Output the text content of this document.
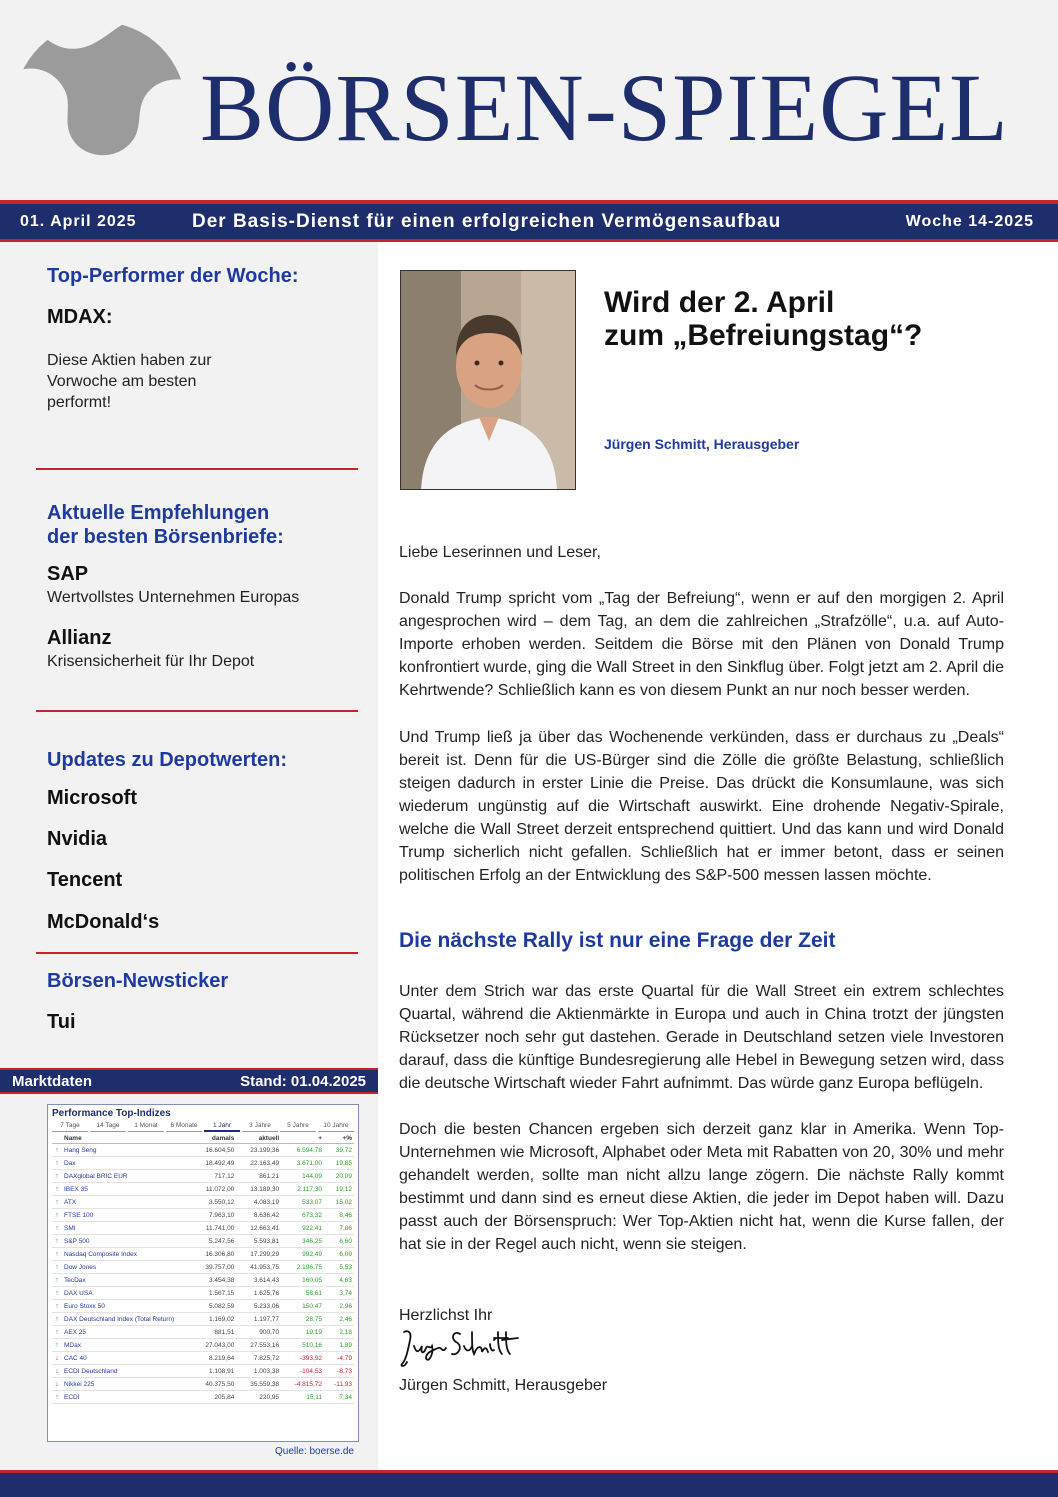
BÖRSEN-SPIEGEL
01. April 2025	Der Basis-Dienst für einen erfolgreichen Vermögensaufbau	Woche 14-2025
Top-Performer der Woche:
MDAX:
Diese Aktien haben zur
Vorwoche am besten
performt!
Aktuelle Empfehlungen
der besten Börsenbriefe:
SAP
Wertvollstes Unternehmen Europas
Allianz
Krisensicherheit für Ihr Depot
Updates zu Depotwerten:
Microsoft
Nvidia
Tencent
McDonald‘s
Börsen-Newsticker
Tui
Marktdaten	Stand: 01.04.2025
Performance Top-Indizes
7 Tage	14 Tage	1 Monat	6 Monate	1 Jahr	3 Jahre	5 Jahre	10 Jahre
	Name	damals	aktuell	+	+%
↑	Hang Seng	16.604,50	23.199,36	6.594,78	39,72
↑	Dax	18.492,49	22.163,49	3.671,00	19,85
↑	DAXglobal BRIC EUR	717,12	861,21	144,09	20,09
↑	IBEX 35	11.072,00	13.189,30	2.117,30	19,12
↑	ATX	3.550,12	4.083,19	533,07	15,02
↑	FTSE 100	7.963,10	8.636,42	673,32	8,46
↑	SMI	11.741,00	12.663,41	922,41	7,86
↑	S&P 500	5.247,56	5.593,81	346,25	6,60
↑	Nasdaq Composite Index	16.306,80	17.299,29	992,49	6,09
↑	Dow Jones	39.757,00	41.953,75	2.196,75	5,53
↑	TecDax	3.454,38	3.614,43	160,05	4,63
↑	DAX USA	1.567,15	1.625,76	58,61	3,74
↑	Euro Stoxx 50	5.082,59	5.233,06	150,47	2,96
↑	DAX Deutschland Index (Total Return)	1.169,02	1.197,77	28,75	2,46
↑	AEX 25	881,51	900,70	19,19	2,18
↑	MDax	27.043,00	27.553,16	510,16	1,89
↓	CAC 40	8.219,64	7.825,72	-393,92	-4,79
↓	ECDI Deutschland	1.108,91	1.003,38	-104,53	-8,73
↓	Nikkei 225	40.375,50	35.559,38	-4.815,72	-11,93
↑	ECDI	205,84	220,95	15,11	7,34
Quelle: boerse.de
Wird der 2. April
zum „Befreiungstag“?
Jürgen Schmitt, Herausgeber
Liebe Leserinnen und Leser,
Donald Trump spricht vom „Tag der Befreiung“, wenn er auf den morgigen 2. April angesprochen wird – dem Tag, an dem die zahlreichen „Strafzölle“, u.a. auf Auto-Importe erhoben werden. Seitdem die Börse mit den Plänen von Donald Trump konfrontiert wurde, ging die Wall Street in den Sinkflug über. Folgt jetzt am 2. April die Kehrtwende? Schließlich kann es von diesem Punkt an nur noch besser werden.
Und Trump ließ ja über das Wochenende verkünden, dass er durchaus zu „Deals“ bereit ist. Denn für die US-Bürger sind die Zölle die größte Belastung, schließlich steigen dadurch in erster Linie die Preise. Das drückt die Konsumlaune, was sich wiederum ungünstig auf die Wirtschaft auswirkt. Eine drohende Negativ-Spirale, welche die Wall Street derzeit entsprechend quittiert. Und das kann und wird Donald Trump sicherlich nicht gefallen. Schließlich hat er immer betont, dass er seinen politischen Erfolg an der Entwicklung des S&P-500 messen lassen möchte.
Die nächste Rally ist nur eine Frage der Zeit
Unter dem Strich war das erste Quartal für die Wall Street ein extrem schlechtes Quartal, während die Aktienmärkte in Europa und auch in China trotzt der jüngsten Rücksetzer noch sehr gut dastehen. Gerade in Deutschland setzen viele Investoren darauf, dass die künftige Bundesregierung alle Hebel in Bewegung setzen wird, dass die deutsche Wirtschaft wieder Fahrt aufnimmt. Das würde ganz Europa beflügeln.
Doch die besten Chancen ergeben sich derzeit ganz klar in Amerika. Wenn Top-Unternehmen wie Microsoft, Alphabet oder Meta mit Rabatten von 20, 30% und mehr gehandelt werden, sollte man nicht allzu lange zögern. Die nächste Rally kommt bestimmt und dann sind es erneut diese Aktien, die jeder im Depot haben will. Dazu passt auch der Börsenspruch: Wer Top-Aktien nicht hat, wenn die Kurse fallen, der hat sie in der Regel auch nicht, wenn sie steigen.
Herzlichst Ihr
Jürgen Schmitt, Herausgeber
